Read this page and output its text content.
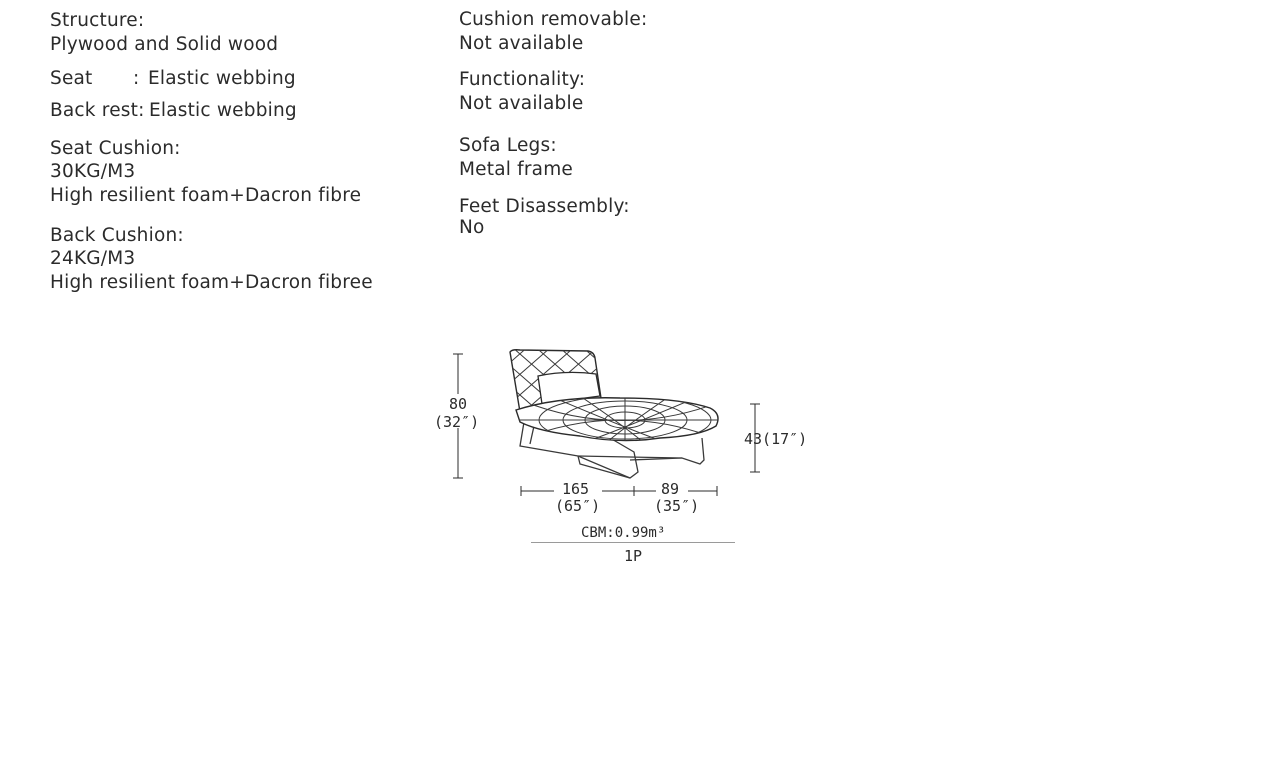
Structure:
Plywood and Solid wood
Seat : Elastic webbing
Back rest: Elastic webbing
Seat Cushion:
30KG/M3
High resilient foam+Dacron fibre
Back Cushion:
24KG/M3
High resilient foam+Dacron fibree
Cushion removable:
Not available
Functionality:
Not available
Sofa Legs:
Metal frame
Feet Disassembly:
No
80
(32″)
43(17″)
165
(65″)
89
(35″)
CBM:0.99m³
1P
